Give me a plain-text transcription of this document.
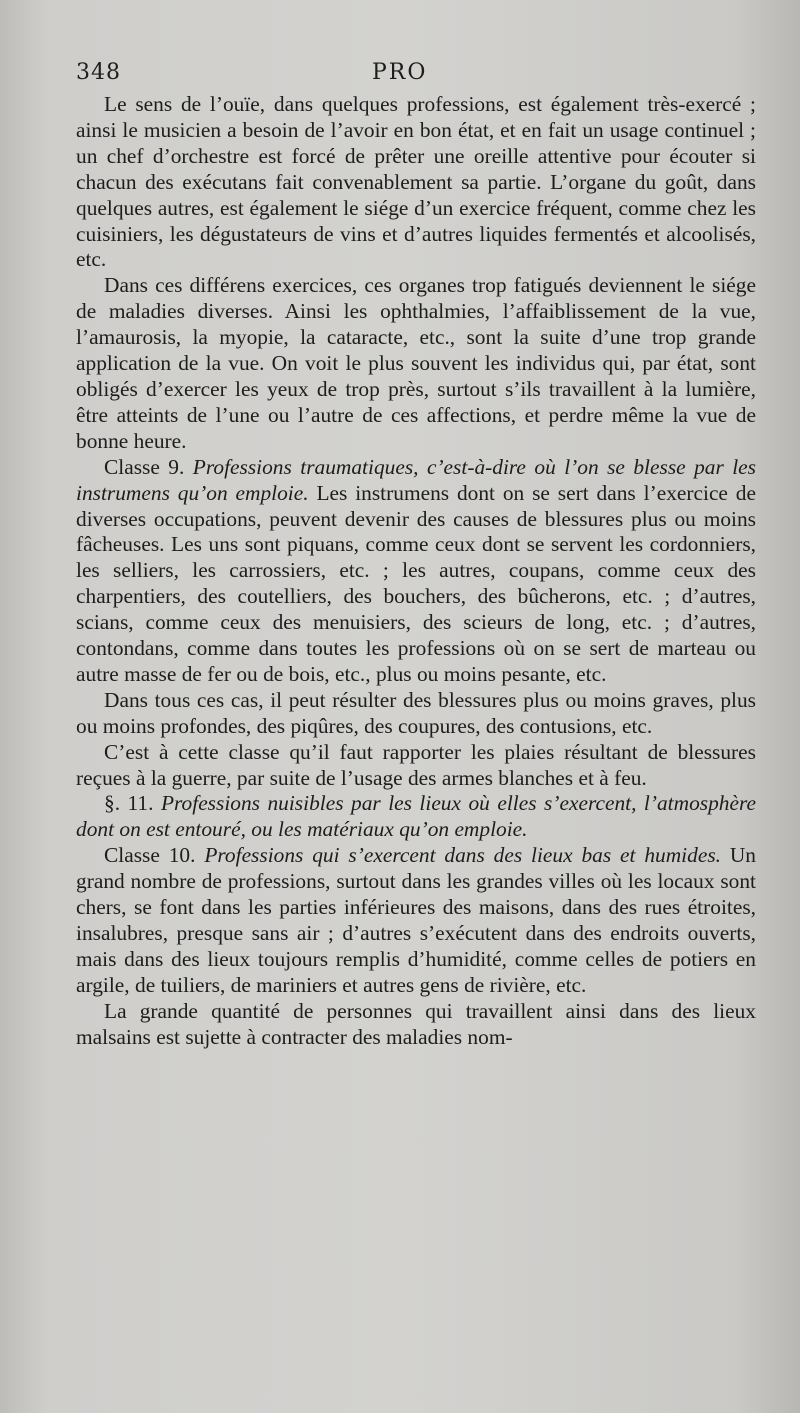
348	PRO

Le sens de l’ouïe, dans quelques professions, est également très-exercé ; ainsi le musicien a besoin de l’avoir en bon état, et en fait un usage continuel ; un chef d’orchestre est forcé de prêter une oreille attentive pour écouter si chacun des exécutans fait convenablement sa partie. L’organe du goût, dans quelques autres, est également le siége d’un exercice fréquent, comme chez les cuisiniers, les dégustateurs de vins et d’autres liquides fermentés et alcoolisés, etc.

Dans ces différens exercices, ces organes trop fatigués deviennent le siége de maladies diverses. Ainsi les ophthalmies, l’affaiblissement de la vue, l’amaurosis, la myopie, la cataracte, etc., sont la suite d’une trop grande application de la vue. On voit le plus souvent les individus qui, par état, sont obligés d’exercer les yeux de trop près, surtout s’ils travaillent à la lumière, être atteints de l’une ou l’autre de ces affections, et perdre même la vue de bonne heure.

Classe 9. Professions traumatiques, c’est-à-dire où l’on se blesse par les instrumens qu’on emploie. Les instrumens dont on se sert dans l’exercice de diverses occupations, peuvent devenir des causes de blessures plus ou moins fâcheuses. Les uns sont piquans, comme ceux dont se servent les cordonniers, les selliers, les carrossiers, etc. ; les autres, coupans, comme ceux des charpentiers, des coutelliers, des bouchers, des bûcherons, etc. ; d’autres, scians, comme ceux des menuisiers, des scieurs de long, etc. ; d’autres, contondans, comme dans toutes les professions où on se sert de marteau ou autre masse de fer ou de bois, etc., plus ou moins pesante, etc.

Dans tous ces cas, il peut résulter des blessures plus ou moins graves, plus ou moins profondes, des piqûres, des coupures, des contusions, etc.

C’est à cette classe qu’il faut rapporter les plaies résultant de blessures reçues à la guerre, par suite de l’usage des armes blanches et à feu.

§. 11. Professions nuisibles par les lieux où elles s’exercent, l’atmosphère dont on est entouré, ou les matériaux qu’on emploie.

Classe 10. Professions qui s’exercent dans des lieux bas et humides. Un grand nombre de professions, surtout dans les grandes villes où les locaux sont chers, se font dans les parties inférieures des maisons, dans des rues étroites, insalubres, presque sans air ; d’autres s’exécutent dans des endroits ouverts, mais dans des lieux toujours remplis d’humidité, comme celles de potiers en argile, de tuiliers, de mariniers et autres gens de rivière, etc.

La grande quantité de personnes qui travaillent ainsi dans des lieux malsains est sujette à contracter des maladies nom-
